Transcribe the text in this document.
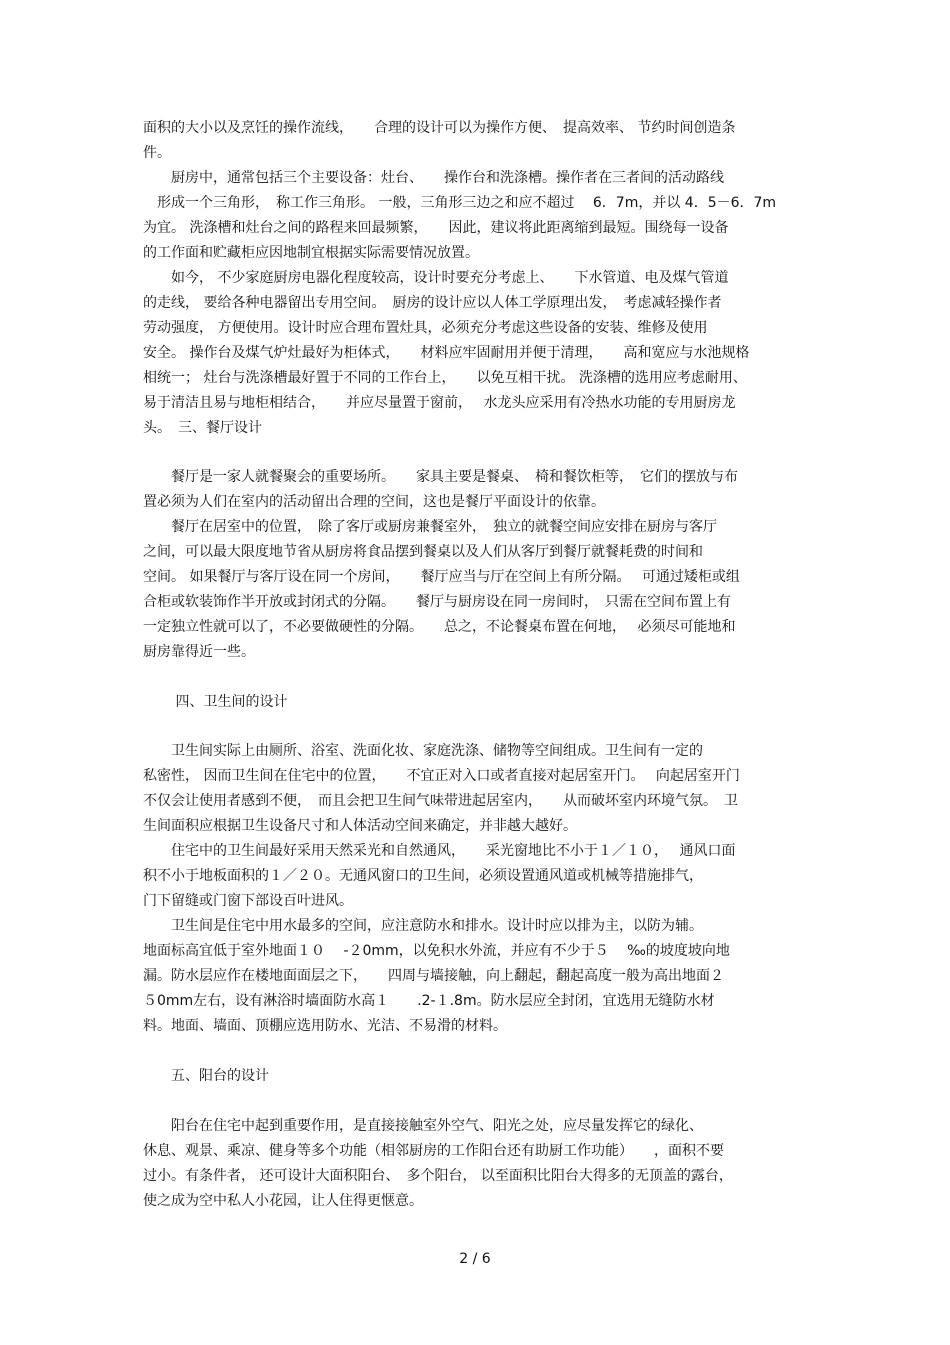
面积的大小以及烹饪的操作流线，　　合理的设计可以为操作方便、　提高效率、 节约时间创造条
件。
　　厨房中，通常包括三个主要设备：灶台、　　操作台和洗涤槽。操作者在三者间的活动路线
　形成一个三角形，　称工作三角形。 一般，三角形三边之和应不超过　 6．7m，并以 4．5－6．7m
为宜。 洗涤槽和灶台之间的路程来回最频繁，　　因此，建议将此距离缩到最短。围绕每一设备
的工作面和贮藏柜应因地制宜根据实际需要情况放置。
　　如今， 不少家庭厨房电器化程度较高，设计时要充分考虑上、　　下水管道、电及煤气管道
的走线， 要给各种电器留出专用空间。　厨房的设计应以人体工学原理出发，　考虑减轻操作者
劳动强度， 方便使用。设计时应合理布置灶具，必须充分考虑这些设备的安装、维修及使用
安全。 操作台及煤气炉灶最好为柜体式，　　材料应牢固耐用并便于清理，　　高和宽应与水池规格
相统一； 灶台与洗涤槽最好置于不同的工作台上，　　以免互相干扰。 洗涤槽的选用应考虑耐用、
易于清洁且易与地柜相结合，　　并应尽量置于窗前，　 水龙头应采用有冷热水功能的专用厨房龙
头。　三、餐厅设计
　　餐厅是一家人就餐聚会的重要场所。　　家具主要是餐桌、　椅和餐饮柜等，　它们的摆放与布
置必须为人们在室内的活动留出合理的空间，这也是餐厅平面设计的依靠。
　　餐厅在居室中的位置，　除了客厅或厨房兼餐室外，　独立的就餐空间应安排在厨房与客厅
之间，可以最大限度地节省从厨房将食品摆到餐桌以及人们从客厅到餐厅就餐耗费的时间和
空间。 如果餐厅与客厅设在同一个房间，　　餐厅应当与厅在空间上有所分隔。　 可通过矮柜或组
合柜或软装饰作半开放或封闭式的分隔。　　餐厅与厨房设在同一房间时，　只需在空间布置上有
一定独立性就可以了，不必要做硬性的分隔。　　总之，不论餐桌布置在何地，　 必须尽可能地和
厨房靠得近一些。
　　 四、卫生间的设计
　　卫生间实际上由厕所、浴室、洗面化妆、家庭洗涤、储物等空间组成。卫生间有一定的
私密性， 因而卫生间在住宅中的位置，　　不宜正对入口或者直接对起居室开门。　 向起居室开门
不仅会让使用者感到不便，　而且会把卫生间气味带进起居室内，　　从而破坏室内环境气氛。　卫
生间面积应根据卫生设备尺寸和人体活动空间来确定，并非越大越好。
　　住宅中的卫生间最好采用天然采光和自然通风，　　采光窗地比不小于１／１０，　 通风口面
积不小于地板面积的１／２０。无通风窗口的卫生间，必须设置通风道或机械等措施排气，
门下留缝或门窗下部设百叶进风。
　　卫生间是住宅中用水最多的空间，应注意防水和排水。设计时应以排为主，以防为辅。
地面标高宜低于室外地面１０　 -２0mm，以免积水外流，并应有不少于５　 ‰的坡度坡向地
漏。防水层应作在楼地面面层之下，　　四周与墙接触，向上翻起，翻起高度一般为高出地面２
５0mm左右，设有淋浴时墙面防水高１　　.2-１.8m。防水层应全封闭，宜选用无缝防水材
料。地面、墙面、顶棚应选用防水、光洁、不易滑的材料。
　　五、阳台的设计
　　阳台在住宅中起到重要作用，是直接接触室外空气、阳光之处，应尽量发挥它的绿化、
休息、观景、乘凉、健身等多个功能（相邻厨房的工作阳台还有助厨工作功能）　　，面积不要
过小。有条件者， 还可设计大面积阳台、　多个阳台， 以至面积比阳台大得多的无顶盖的露台，
使之成为空中私人小花园，让人住得更惬意。
2 / 6
